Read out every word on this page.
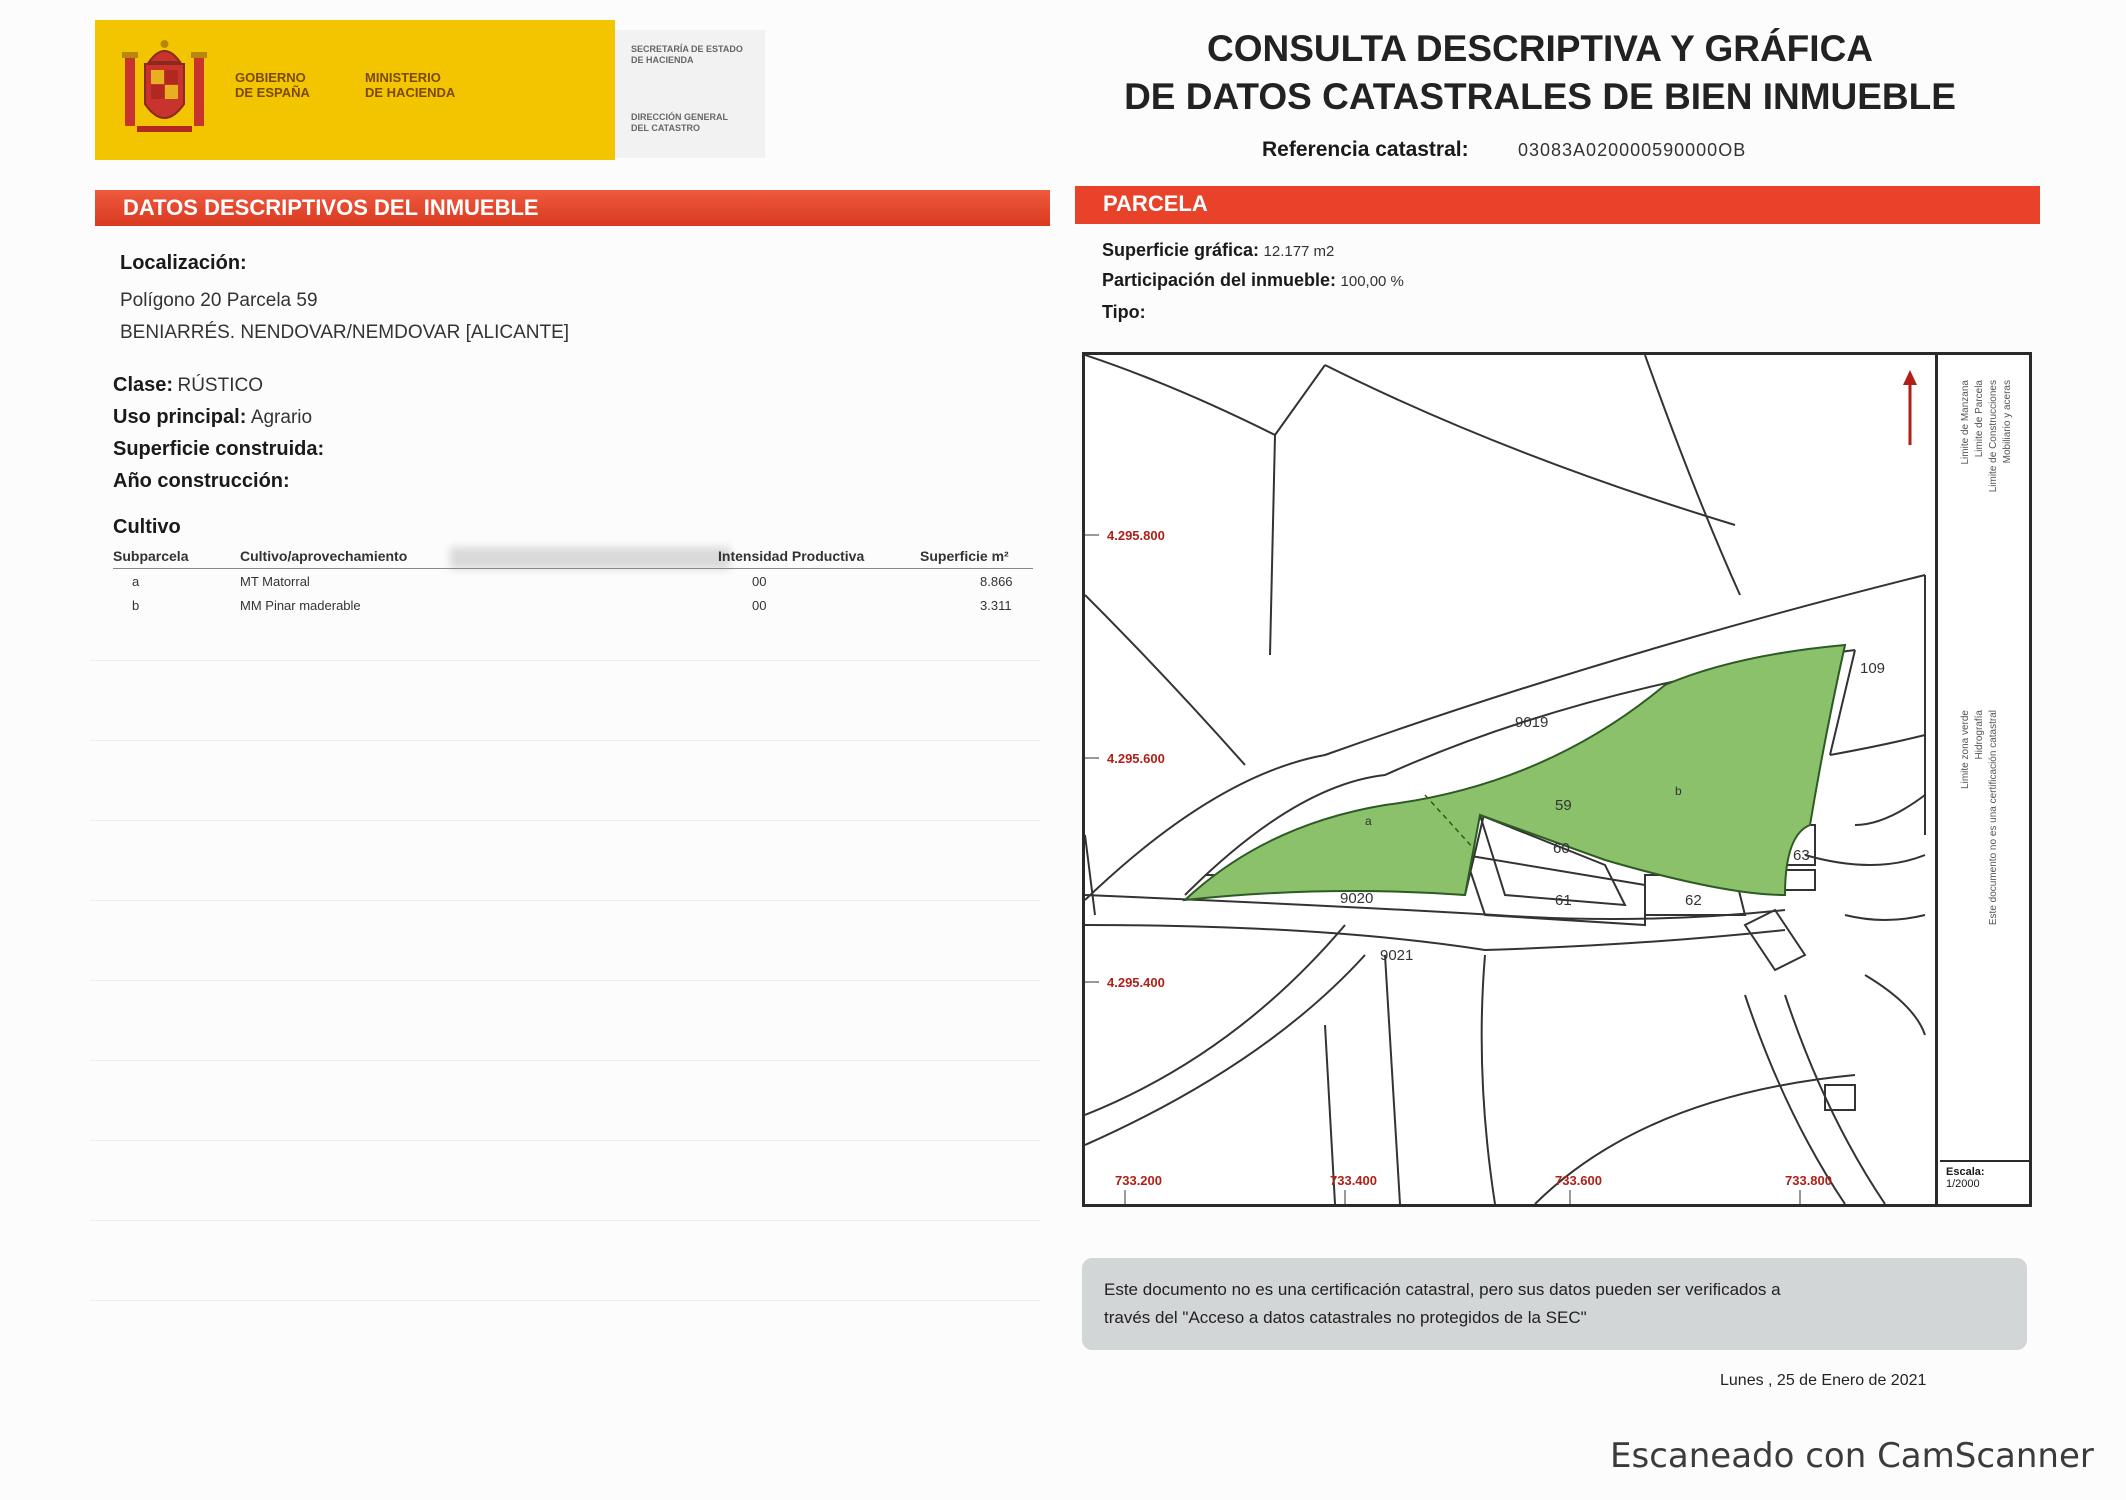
GOBIERNO
DE ESPAÑA
MINISTERIO
DE HACIENDA
SECRETARÍA DE ESTADO
DE HACIENDA
DIRECCIÓN GENERAL
DEL CATASTRO
CONSULTA DESCRIPTIVA Y GRÁFICA
DE DATOS CATASTRALES DE BIEN INMUEBLE
Referencia catastral:	03083A020000590000OB
DATOS DESCRIPTIVOS DEL INMUEBLE
Localización:
Polígono 20 Parcela 59
BENIARRÉS. NENDOVAR/NEMDOVAR [ALICANTE]
Clase: RÚSTICO
Uso principal: Agrario
Superficie construida:
Año construcción:
Cultivo
Subparcela	Cultivo/aprovechamiento	Intensidad Productiva	Superficie m²
a	MT Matorral	00	8.866
b	MM Pinar maderable	00	3.311
PARCELA
Superficie gráfica: 12.177 m2
Participación del inmueble: 100,00 %
Tipo:
9019
59
9020
60
61	62
63
109
9021
a
b
4.295.800
4.295.600
4.295.400
733.200	733.400	733.600	733.800
Limite de Manzana Limite de Parcela Limite de Construcciones Mobiliario y aceras
Limite zona verde Hidrografía Este documento no es una certificación catastral
Escala:
1/2000
Este documento no es una certificación catastral, pero sus datos pueden ser verificados a
través del "Acceso a datos catastrales no protegidos de la SEC"
Lunes , 25 de Enero de 2021
Escaneado con CamScanner
